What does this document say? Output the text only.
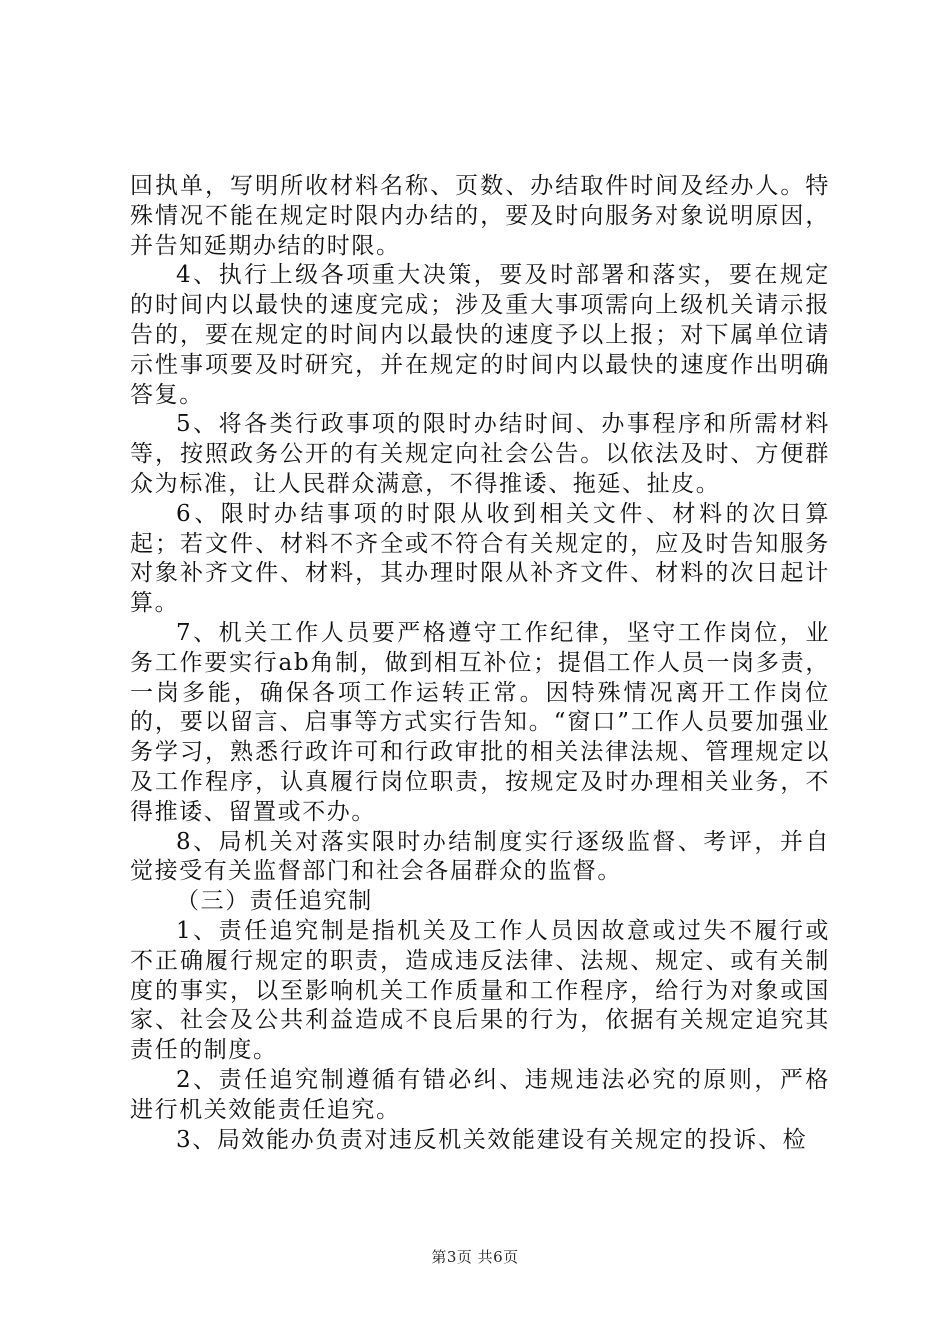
回执单，写明所收材料名称、页数、办结取件时间及经办人。特殊情况不能在规定时限内办结的，要及时向服务对象说明原因，并告知延期办结的时限。

4、执行上级各项重大决策，要及时部署和落实，要在规定的时间内以最快的速度完成；涉及重大事项需向上级机关请示报告的，要在规定的时间内以最快的速度予以上报；对下属单位请示性事项要及时研究，并在规定的时间内以最快的速度作出明确答复。

5、将各类行政事项的限时办结时间、办事程序和所需材料等，按照政务公开的有关规定向社会公告。以依法及时、方便群众为标准，让人民群众满意，不得推诿、拖延、扯皮。

6、限时办结事项的时限从收到相关文件、材料的次日算起；若文件、材料不齐全或不符合有关规定的，应及时告知服务对象补齐文件、材料，其办理时限从补齐文件、材料的次日起计算。

7、机关工作人员要严格遵守工作纪律，坚守工作岗位，业务工作要实行ab角制，做到相互补位；提倡工作人员一岗多责，一岗多能，确保各项工作运转正常。因特殊情况离开工作岗位的，要以留言、启事等方式实行告知。“窗口”工作人员要加强业务学习，熟悉行政许可和行政审批的相关法律法规、管理规定以及工作程序，认真履行岗位职责，按规定及时办理相关业务，不得推诿、留置或不办。

8、局机关对落实限时办结制度实行逐级监督、考评，并自觉接受有关监督部门和社会各届群众的监督。

（三）责任追究制

1、责任追究制是指机关及工作人员因故意或过失不履行或不正确履行规定的职责，造成违反法律、法规、规定、或有关制度的事实，以至影响机关工作质量和工作程序，给行为对象或国家、社会及公共利益造成不良后果的行为，依据有关规定追究其责任的制度。

2、责任追究制遵循有错必纠、违规违法必究的原则，严格进行机关效能责任追究。

3、局效能办负责对违反机关效能建设有关规定的投诉、检

第3页 共6页
